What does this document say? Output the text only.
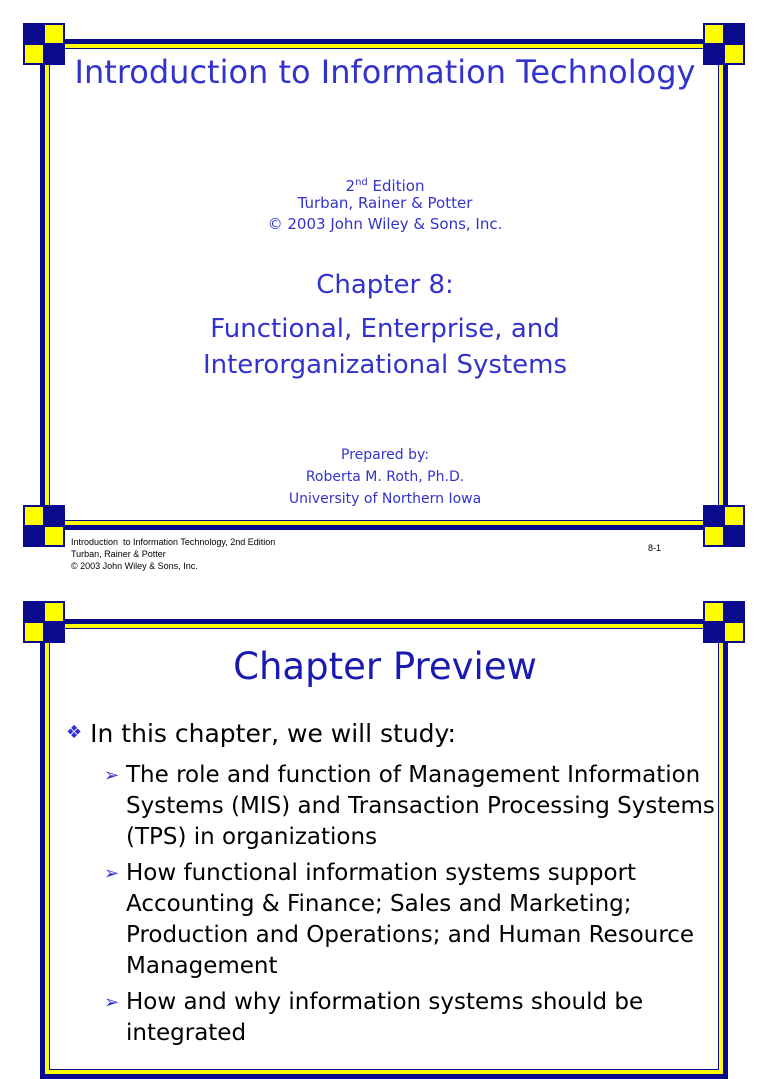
Introduction to Information Technology
2nd Edition
Turban, Rainer & Potter
© 2003 John Wiley & Sons, Inc.
Chapter 8:
Functional, Enterprise, and
Interorganizational Systems
Prepared by:
Roberta M. Roth, Ph.D.
University of Northern Iowa
Introduction  to Information Technology, 2nd Edition
Turban, Rainer & Potter
© 2003 John Wiley & Sons, Inc.
8-1
Chapter Preview
❖ In this chapter, we will study:
➢ The role and function of Management Information Systems (MIS) and Transaction Processing Systems (TPS) in organizations
➢ How functional information systems support Accounting & Finance; Sales and Marketing; Production and Operations; and Human Resource Management
➢ How and why information systems should be integrated
